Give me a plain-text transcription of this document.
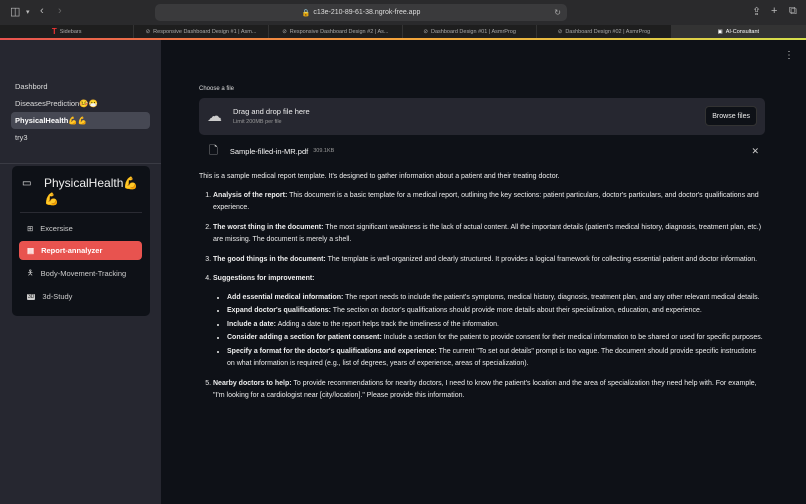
◫ ▾ ‹ ›	🔒 c13e-210-89-61-38.ngrok-free.app	↻	⇪ + ⧉
T Sidebars	⊘ Responsive Dashboard Design #1 | Asm...	⊘ Responsive Dashboard Design #2 | As...	⊘ Dashboard Design #01 | AsmrProg	⊘ Dashboard Design #02 | AsmrProg	▣ AI-Consultant
Dashbord
DiseasesPrediction🤒😷
PhysicalHealth💪💪
try3
▭ PhysicalHealth💪💪
⊞ Excersise
▤ Report-annalyzer
🯅 Body-Movement-Tracking
3D 3d-Study
⋮
Choose a file
☁ Drag and drop file here
Limit 200MB per file
Browse files
🗋 Sample-filled-in-MR.pdf 309.1KB	✕

This is a sample medical report template. It's designed to gather information about a patient and their treating doctor.

1. Analysis of the report: This document is a basic template for a medical report, outlining the key sections: patient particulars, doctor's particulars, and doctor's qualifications and experience.
2. The worst thing in the document: The most significant weakness is the lack of actual content. All the important details (patient's medical history, diagnosis, treatment plan, etc.) are missing. The document is merely a shell.
3. The good things in the document: The template is well-organized and clearly structured. It provides a logical framework for collecting essential patient and doctor information.
4. Suggestions for improvement:
• Add essential medical information: The report needs to include the patient's symptoms, medical history, diagnosis, treatment plan, and any other relevant medical details.
• Expand doctor's qualifications: The section on doctor's qualifications should provide more details about their specialization, education, and experience.
• Include a date: Adding a date to the report helps track the timeliness of the information.
• Consider adding a section for patient consent: Include a section for the patient to provide consent for their medical information to be shared or used for specific purposes.
• Specify a format for the doctor's qualifications and experience: The current "To set out details" prompt is too vague. The document should provide specific instructions on what information is required (e.g., list of degrees, years of experience, areas of specialization).
5. Nearby doctors to help: To provide recommendations for nearby doctors, I need to know the patient's location and the area of specialization they need help with. For example, "I'm looking for a cardiologist near [city/location]." Please provide this information.
